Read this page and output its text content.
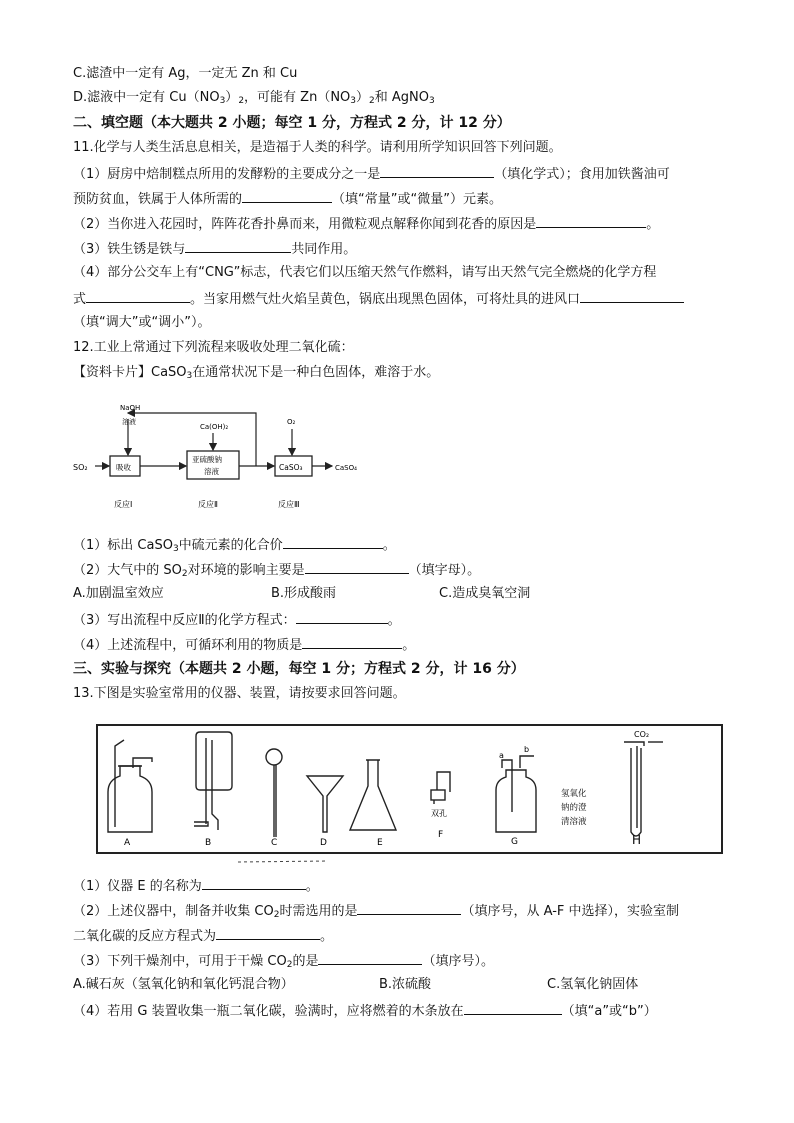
C.滤渣中一定有 Ag，一定无 Zn 和 Cu
D.滤液中一定有 $Cu(NO_3)_2$，可能有 $Zn(NO_3)_2$和 AgNO$_3$
二、填空题（本大题共 2 小题；每空 1 分，方程式 2 分，计 12 分）
11.化学与人类生活息息相关，是造福于人类的科学。请利用所学知识回答下列问题。
（1）厨房中焙制糕点所用的发酵粉的主要成分之一是	（填化学式）；食用加铁酱油可
预防贫血，铁属于人体所需的	（填“常量”或“微量”）元素。
（2）当你进入花园时，阵阵花香扑鼻而来，用微粒观点解释你闻到花香的原因是	。
（3）铁生锈是铁与	共同作用。
（4）部分公交车上有“CNG”标志，代表它们以压缩天然气作燃料，请写出天然气完全燃烧的化学方程
式	。当家用燃气灶火焰呈黄色，锅底出现黑色固体，可将灶具的进风口
（填“调大”或“调小”）。
12.工业上常通过下列流程来吸收处理二氧化硫：
【资料卡片】CaSO$_3$在通常状况下是一种白色固体，难溶于水。
NaOH
溶液
Ca(OH)₂
O₂
SO₂	吸收
亚硫酸钠
溶液	CaSO₃	CaSO₄
反应Ⅰ	反应Ⅱ	反应Ⅲ
（1）标出 CaSO$_3$中硫元素的化合价	。
（2）大气中的 $SO_2$对环境的影响主要是	（填字母）。
A.加剧温室效应	B.形成酸雨	C.造成臭氧空洞
（3）写出流程中反应Ⅱ的化学方程式：	。
（4）上述流程中，可循环利用的物质是	。
三、实验与探究（本题共 2 小题，每空 1 分；方程式 2 分，计 16 分）
13.下图是实验室常用的仪器、装置，请按要求回答问题。
A	B	C	D	E
双孔
F
a
b
G
CO₂
氢氧化
钠的澄
清溶液
H
（1）仪器 E 的名称为	。
（2）上述仪器中，制备并收集 $CO_2$时需选用的是	（填序号，从 A-F 中选择），实验室制
二氧化碳的反应方程式为	。
（3）下列干燥剂中，可用于干燥 $CO_2$的是	（填序号）。
A.碱石灰（氢氧化钠和氧化钙混合物）	B.浓硫酸	C.氢氧化钠固体
（4）若用 G 装置收集一瓶二氧化碳，验满时，应将燃着的木条放在	（填“a”或“b”）
